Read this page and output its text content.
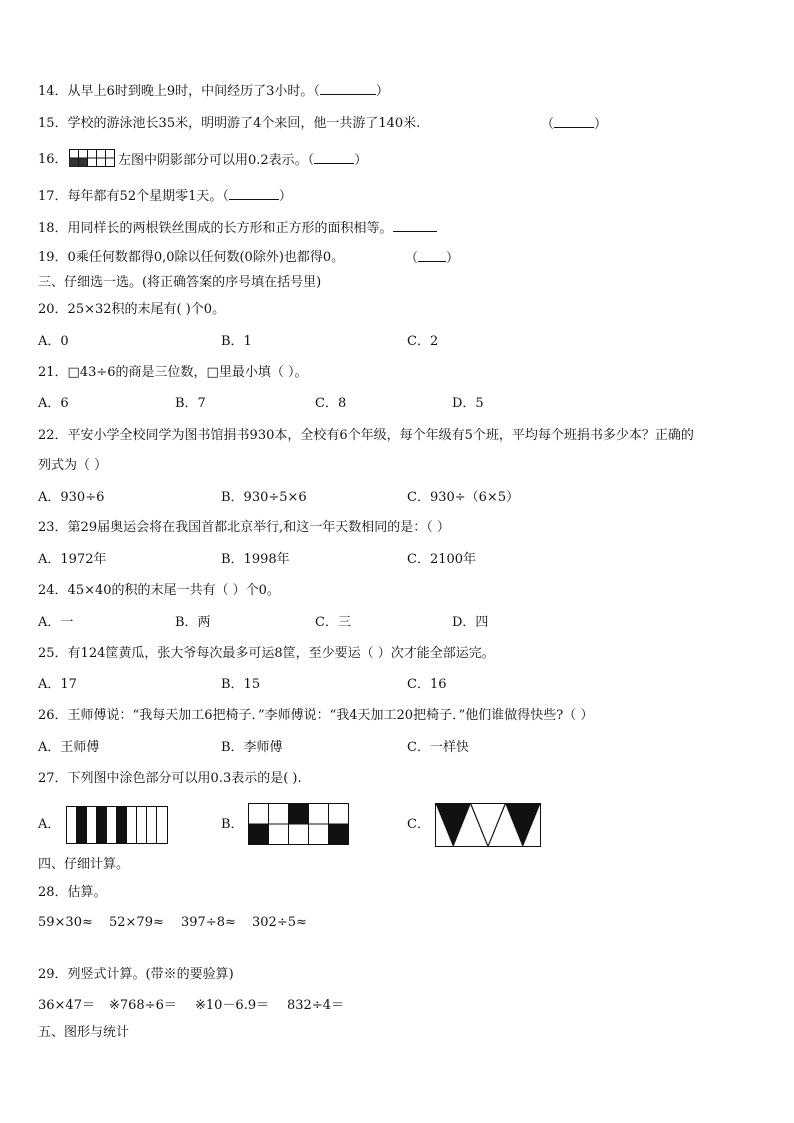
14．从早上6时到晚上9时，中间经历了3小时。（	）
15．学校的游泳池长35米，明明游了4个来回，他一共游了140米.	（	）
16．	左图中阴影部分可以用0.2表示。（	）
17．每年都有52个星期零1天。（	）
18．用同样长的两根铁丝围成的长方形和正方形的面积相等。
19．0乘任何数都得0,0除以任何数(0除外)也都得0。	（ ）
三、仔细选一选。(将正确答案的序号填在括号里)
20．25×32积的末尾有( )个0。
A．0	B．1	C．2
21．□43÷6的商是三位数，□里最小填（ ）。
A．6	B．7	C．8	D．5
22．平安小学全校同学为图书馆捐书930本，全校有6个年级，每个年级有5个班，平均每个班捐书多少本？正确的
列式为（ ）
A．930÷6	B．930÷5×6	C．930÷（6×5）
23．第29届奥运会将在我国首都北京举行,和这一年天数相同的是：（ ）
A．1972年	B．1998年	C．2100年
24．45×40的积的末尾一共有（ ）个0。
A．一	B．两	C．三	D．四
25．有124筐黄瓜，张大爷每次最多可运8筐，至少要运（ ）次才能全部运完。
A．17	B．15	C．16
26．王师傅说：“我每天加工6把椅子．”李师傅说：“我4天加工20把椅子．”他们谁做得快些?（ ）
A．王师傅	B．李师傅	C．一样快
27．下列图中涂色部分可以用0.3表示的是( ).
A．	B．	C．
四、仔细计算。
28．估算。
59×30≈ 52×79≈ 397÷8≈ 302÷5≈
29．列竖式计算。(带※的要验算)
36×47＝ ※768÷6＝ ※10－6.9＝ 832÷4＝
五、图形与统计
